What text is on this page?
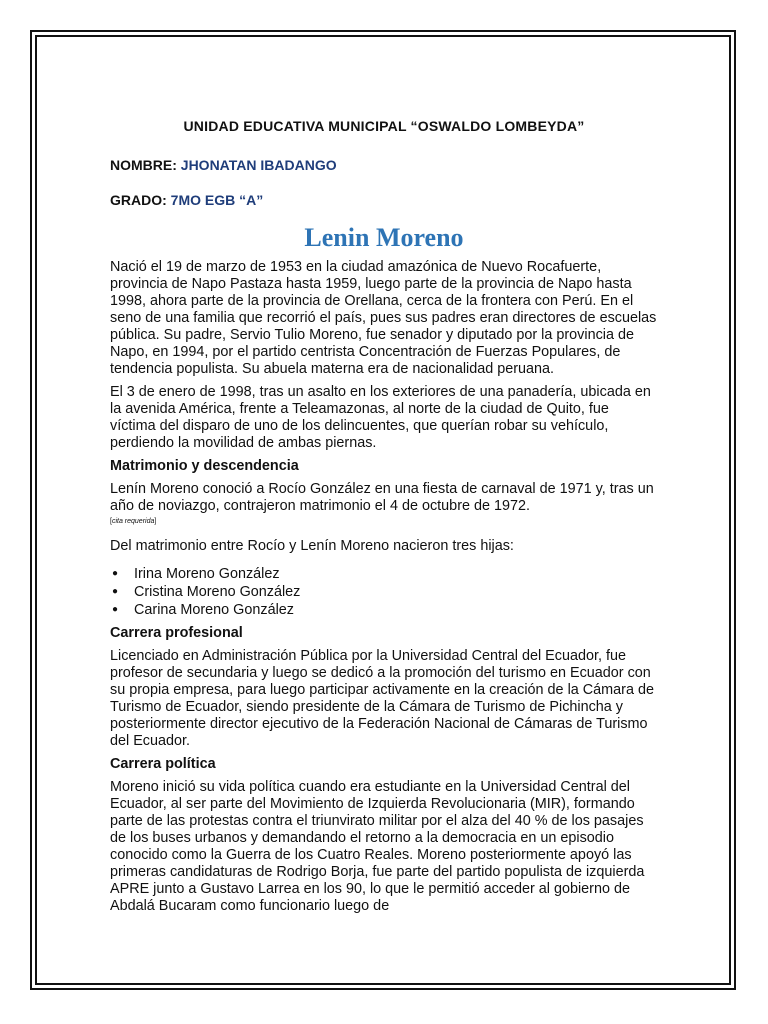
UNIDAD EDUCATIVA MUNICIPAL “OSWALDO LOMBEYDA”
NOMBRE: JHONATAN IBADANGO
GRADO: 7MO EGB “A”
Lenin Moreno

Nació el 19 de marzo de 1953 en la ciudad amazónica de Nuevo Rocafuerte, provincia de Napo Pastaza hasta 1959, luego parte de la provincia de Napo hasta 1998, ahora parte de la provincia de Orellana, cerca de la frontera con Perú. En el seno de una familia que recorrió el país, pues sus padres eran directores de escuelas pública. Su padre, Servio Tulio Moreno, fue senador y diputado por la provincia de Napo, en 1994, por el partido centrista Concentración de Fuerzas Populares, de tendencia populista. Su abuela materna era de nacionalidad peruana.

El 3 de enero de 1998, tras un asalto en los exteriores de una panadería, ubicada en la avenida América, frente a Teleamazonas, al norte de la ciudad de Quito, fue víctima del disparo de uno de los delincuentes, que querían robar su vehículo, perdiendo la movilidad de ambas piernas.

Matrimonio y descendencia

Lenín Moreno conoció a Rocío González en una fiesta de carnaval de 1971 y, tras un año de noviazgo, contrajeron matrimonio el 4 de octubre de 1972.

[cita requerida]

Del matrimonio entre Rocío y Lenín Moreno nacieron tres hijas:

● Irina Moreno González
● Cristina Moreno González
● Carina Moreno González
Carrera profesional

Licenciado en Administración Pública por la Universidad Central del Ecuador, fue profesor de secundaria y luego se dedicó a la promoción del turismo en Ecuador con su propia empresa, para luego participar activamente en la creación de la Cámara de Turismo de Ecuador, siendo presidente de la Cámara de Turismo de Pichincha y posteriormente director ejecutivo de la Federación Nacional de Cámaras de Turismo del Ecuador.

Carrera política

Moreno inició su vida política cuando era estudiante en la Universidad Central del Ecuador, al ser parte del Movimiento de Izquierda Revolucionaria (MIR), formando parte de las protestas contra el triunvirato militar por el alza del 40 % de los pasajes de los buses urbanos y demandando el retorno a la democracia en un episodio conocido como la Guerra de los Cuatro Reales. Moreno posteriormente apoyó las primeras candidaturas de Rodrigo Borja, fue parte del partido populista de izquierda APRE junto a Gustavo Larrea en los 90, lo que le permitió acceder al gobierno de Abdalá Bucaram como funcionario luego de
